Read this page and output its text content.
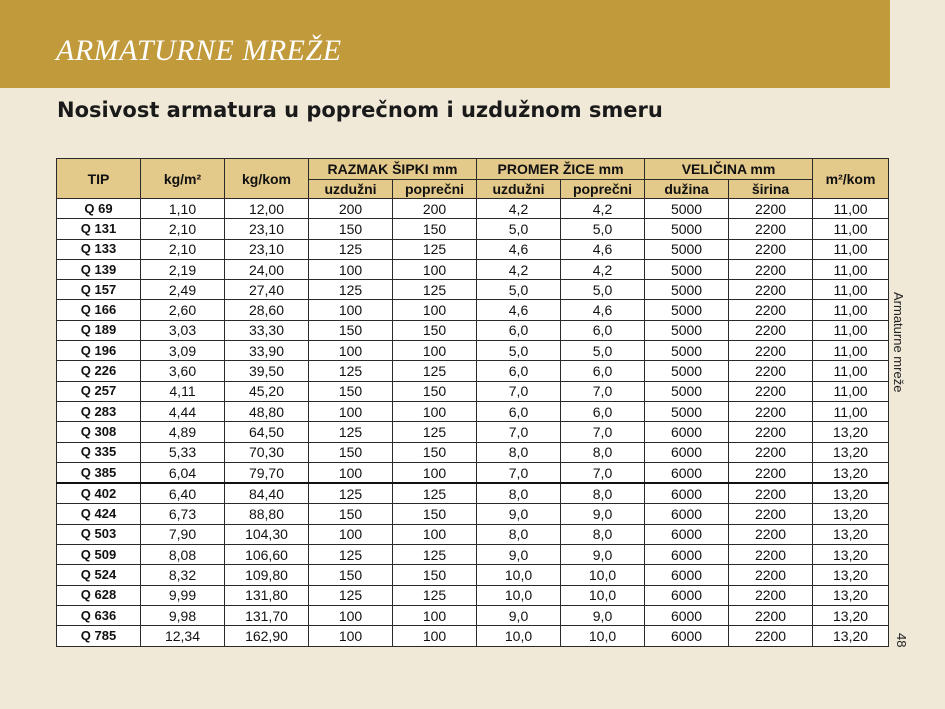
ARMATURNE MREŽE
Nosivost armatura u poprečnom i uzdužnom smeru
TIP	kg/m²	kg/kom	RAZMAK ŠIPKI mm		PROMER ŽICE mm		VELIČINA mm		m²/kom
			uzdužni	poprečni	uzdužni	poprečni	dužina	širina	
Q 69	1,10	12,00	200	200	4,2	4,2	5000	2200	11,00
Q 131	2,10	23,10	150	150	5,0	5,0	5000	2200	11,00
Q 133	2,10	23,10	125	125	4,6	4,6	5000	2200	11,00
Q 139	2,19	24,00	100	100	4,2	4,2	5000	2200	11,00
Q 157	2,49	27,40	125	125	5,0	5,0	5000	2200	11,00
Q 166	2,60	28,60	100	100	4,6	4,6	5000	2200	11,00
Q 189	3,03	33,30	150	150	6,0	6,0	5000	2200	11,00
Q 196	3,09	33,90	100	100	5,0	5,0	5000	2200	11,00
Q 226	3,60	39,50	125	125	6,0	6,0	5000	2200	11,00
Q 257	4,11	45,20	150	150	7,0	7,0	5000	2200	11,00
Q 283	4,44	48,80	100	100	6,0	6,0	5000	2200	11,00
Q 308	4,89	64,50	125	125	7,0	7,0	6000	2200	13,20
Q 335	5,33	70,30	150	150	8,0	8,0	6000	2200	13,20
Q 385	6,04	79,70	100	100	7,0	7,0	6000	2200	13,20
Q 402	6,40	84,40	125	125	8,0	8,0	6000	2200	13,20
Q 424	6,73	88,80	150	150	9,0	9,0	6000	2200	13,20
Q 503	7,90	104,30	100	100	8,0	8,0	6000	2200	13,20
Q 509	8,08	106,60	125	125	9,0	9,0	6000	2200	13,20
Q 524	8,32	109,80	150	150	10,0	10,0	6000	2200	13,20
Q 628	9,99	131,80	125	125	10,0	10,0	6000	2200	13,20
Q 636	9,98	131,70	100	100	9,0	9,0	6000	2200	13,20
Q 785	12,34	162,90	100	100	10,0	10,0	6000	2200	13,20
Armaturne mreže
48
